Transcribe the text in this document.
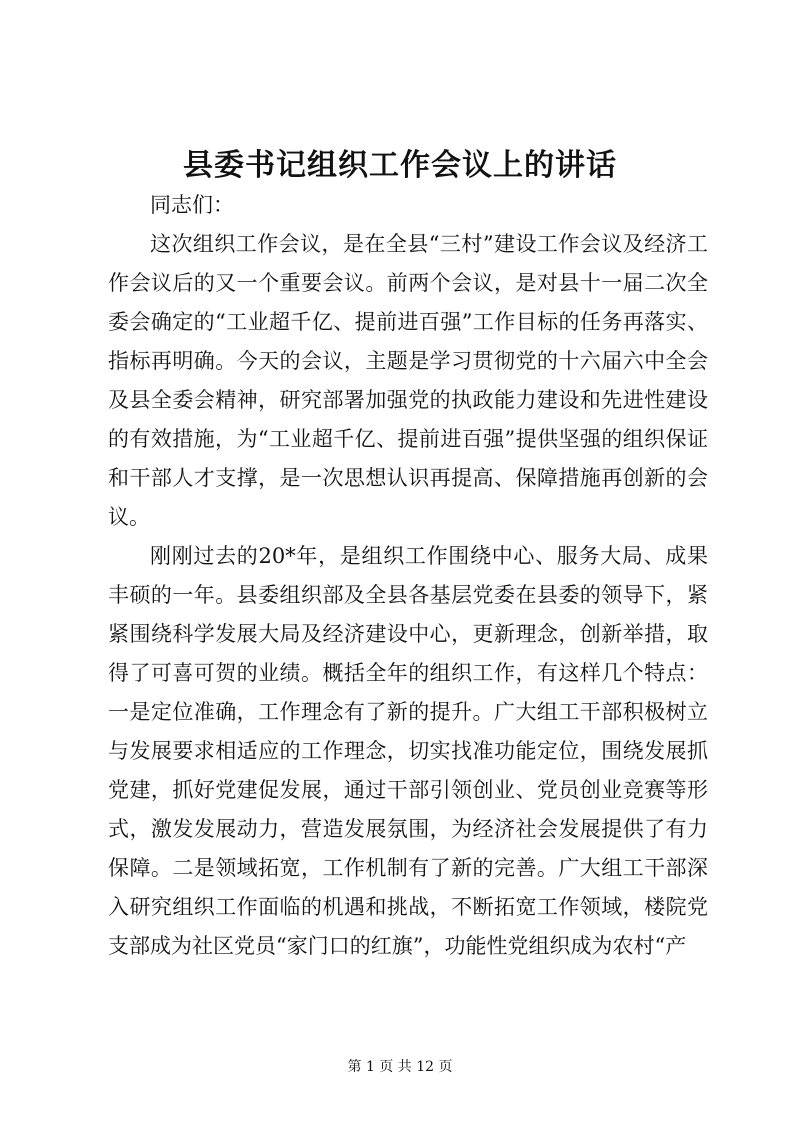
县委书记组织工作会议上的讲话

同志们：

这次组织工作会议，是在全县“三村”建设工作会议及经济工作会议后的又一个重要会议。前两个会议，是对县十一届二次全委会确定的“工业超千亿、提前进百强”工作目标的任务再落实、指标再明确。今天的会议，主题是学习贯彻党的十六届六中全会及县全委会精神，研究部署加强党的执政能力建设和先进性建设的有效措施，为“工业超千亿、提前进百强”提供坚强的组织保证和干部人才支撑，是一次思想认识再提高、保障措施再创新的会议。

刚刚过去的20*年，是组织工作围绕中心、服务大局、成果丰硕的一年。县委组织部及全县各基层党委在县委的领导下，紧紧围绕科学发展大局及经济建设中心，更新理念，创新举措，取得了可喜可贺的业绩。概括全年的组织工作，有这样几个特点：一是定位准确，工作理念有了新的提升。广大组工干部积极树立与发展要求相适应的工作理念，切实找准功能定位，围绕发展抓党建，抓好党建促发展，通过干部引领创业、党员创业竞赛等形式，激发发展动力，营造发展氛围，为经济社会发展提供了有力保障。二是领域拓宽，工作机制有了新的完善。广大组工干部深入研究组织工作面临的机遇和挑战，不断拓宽工作领域，楼院党支部成为社区党员“家门口的红旗”，功能性党组织成为农村“产

第 1 页 共 12 页
